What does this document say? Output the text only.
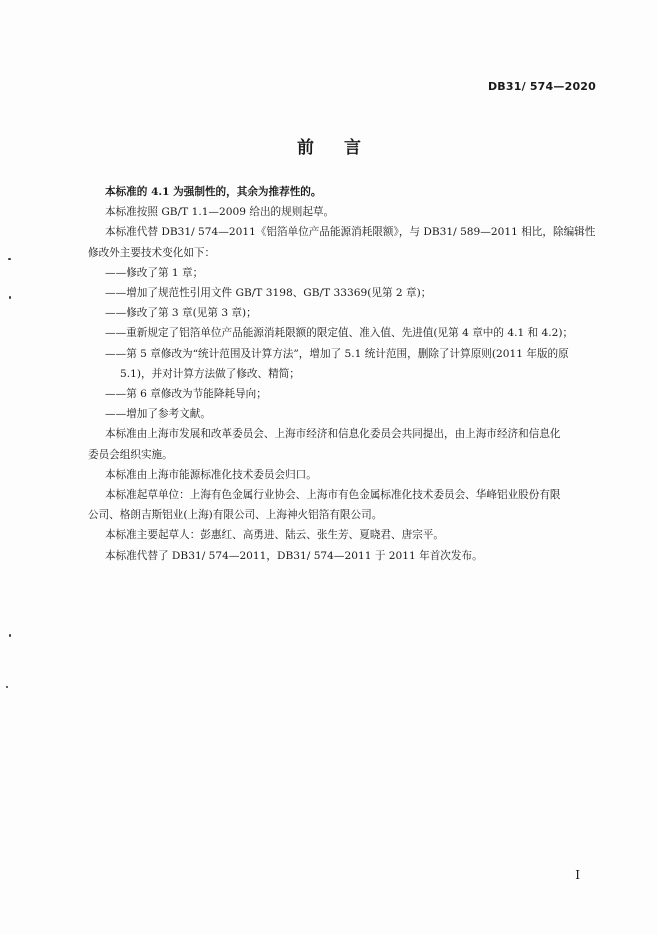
DB31/ 574—2020
前言

本标准的 4.1 为强制性的，其余为推荐性的。

本标准按照 GB/T 1.1—2009 给出的规则起草。

本标准代替 DB31/ 574—2011《铝箔单位产品能源消耗限额》，与 DB31/ 589—2011 相比，除编辑性

修改外主要技术变化如下：

——修改了第 1 章；

——增加了规范性引用文件 GB/T 3198、GB/T 33369(见第 2 章)；

——修改了第 3 章(见第 3 章)；

——重新规定了铝箔单位产品能源消耗限额的限定值、准入值、先进值(见第 4 章中的 4.1 和 4.2)；

——第 5 章修改为“统计范围及计算方法”，增加了 5.1 统计范围，删除了计算原则(2011 年版的原

5.1)，并对计算方法做了修改、精简；

——第 6 章修改为节能降耗导向；

——增加了参考文献。

本标准由上海市发展和改革委员会、上海市经济和信息化委员会共同提出，由上海市经济和信息化

委员会组织实施。

本标准由上海市能源标准化技术委员会归口。

本标准起草单位：上海有色金属行业协会、上海市有色金属标准化技术委员会、华峰铝业股份有限

公司、格朗吉斯铝业(上海)有限公司、上海神火铝箔有限公司。

本标准主要起草人：彭惠红、高勇进、陆云、张生芳、夏晓君、唐宗平。

本标准代替了 DB31/ 574—2011，DB31/ 574—2011 于 2011 年首次发布。

I
